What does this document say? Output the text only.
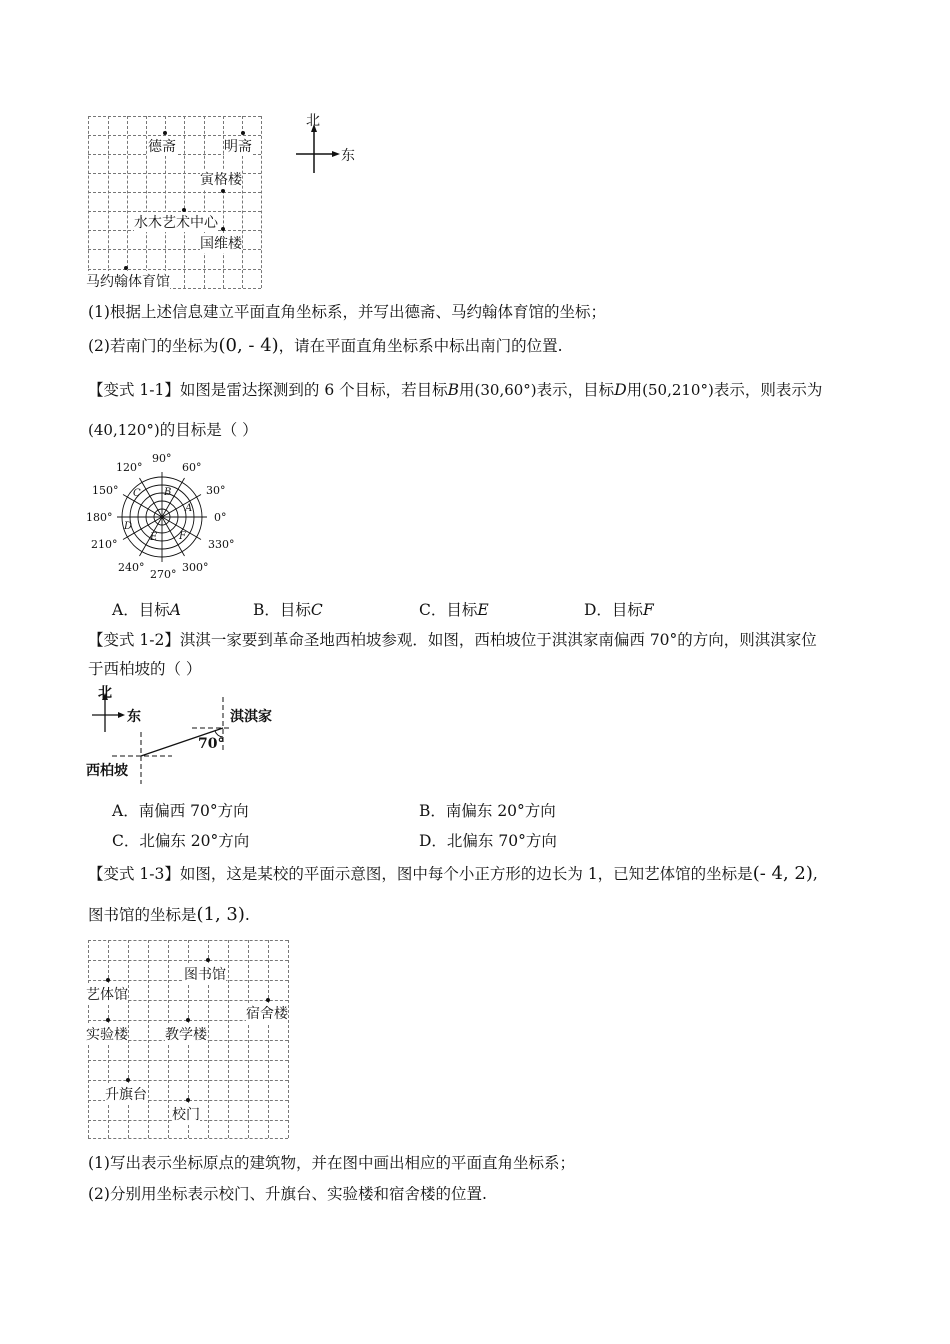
德斋	明斋
寅格楼
水木艺术中心
国维楼
马约翰体育馆
北
东
(1)根据上述信息建立平面直角坐标系，并写出德斋、马约翰体育馆的坐标；
(2)若南门的坐标为(0, - 4)，请在平面直角坐标系中标出南门的位置.
【变式 1-1】如图是雷达探测到的 6 个目标，若目标B用(30,60°)表示，目标D用(50,210°)表示，则表示为
(40,120°)的目标是（ ）
90°
60°
30°
0°
330°
300°
270°
240°
210°
180°
150°
120°
A
B
C
D
E F
A．目标A	B．目标C	C．目标E	D．目标F
【变式 1-2】淇淇一家要到革命圣地西柏坡参观．如图，西柏坡位于淇淇家南偏西 70°的方向，则淇淇家位
于西柏坡的（ ）
北
东	淇淇家
70°
西柏坡
A．南偏西 70°方向	B．南偏东 20°方向
C．北偏东 20°方向	D．北偏东 70°方向
【变式 1-3】如图，这是某校的平面示意图，图中每个小正方形的边长为 1，已知艺体馆的坐标是(- 4, 2),
图书馆的坐标是(1, 3).
图书馆
艺体馆
宿舍楼
实验楼	教学楼
升旗台
校门
(1)写出表示坐标原点的建筑物，并在图中画出相应的平面直角坐标系；
(2)分别用坐标表示校门、升旗台、实验楼和宿舍楼的位置.
